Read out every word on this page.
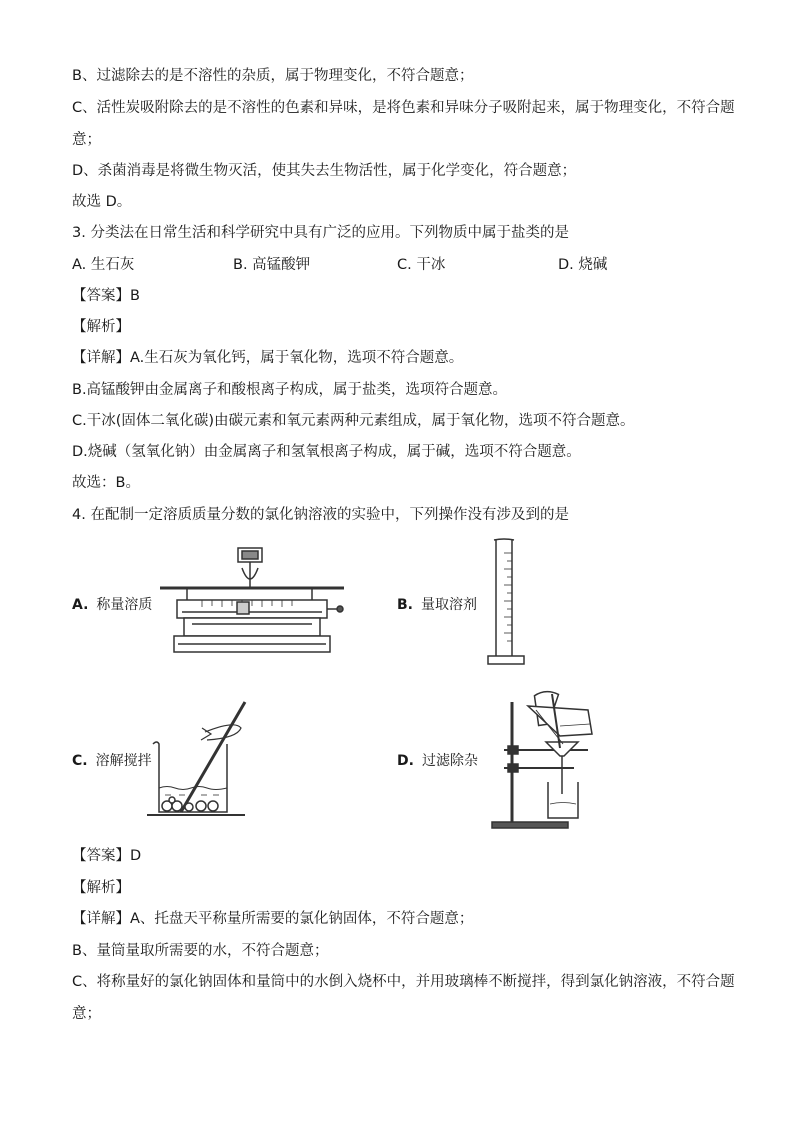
B、过滤除去的是不溶性的杂质，属于物理变化，不符合题意；
C、活性炭吸附除去的是不溶性的色素和异味，是将色素和异味分子吸附起来，属于物理变化，不符合题
意；
D、杀菌消毒是将微生物灭活，使其失去生物活性，属于化学变化，符合题意；
故选 D。
3. 分类法在日常生活和科学研究中具有广泛的应用。下列物质中属于盐类的是
A. 生石灰	B. 高锰酸钾	C. 干冰	D. 烧碱
【答案】B
【解析】
【详解】A.生石灰为氧化钙，属于氧化物，选项不符合题意。
B.高锰酸钾由金属离子和酸根离子构成，属于盐类，选项符合题意。
C.干冰(固体二氧化碳)由碳元素和氧元素两种元素组成，属于氧化物，选项不符合题意。
D.烧碱（氢氧化钠）由金属离子和氢氧根离子构成，属于碱，选项不符合题意。
故选：B。
4. 在配制一定溶质质量分数的氯化钠溶液的实验中，下列操作没有涉及到的是
A. 称量溶质	B. 量取溶剂
C. 溶解搅拌	D. 过滤除杂
【答案】D
【解析】
【详解】A、托盘天平称量所需要的氯化钠固体，不符合题意；
B、量筒量取所需要的水，不符合题意；
C、将称量好的氯化钠固体和量筒中的水倒入烧杯中，并用玻璃棒不断搅拌，得到氯化钠溶液，不符合题
意；
